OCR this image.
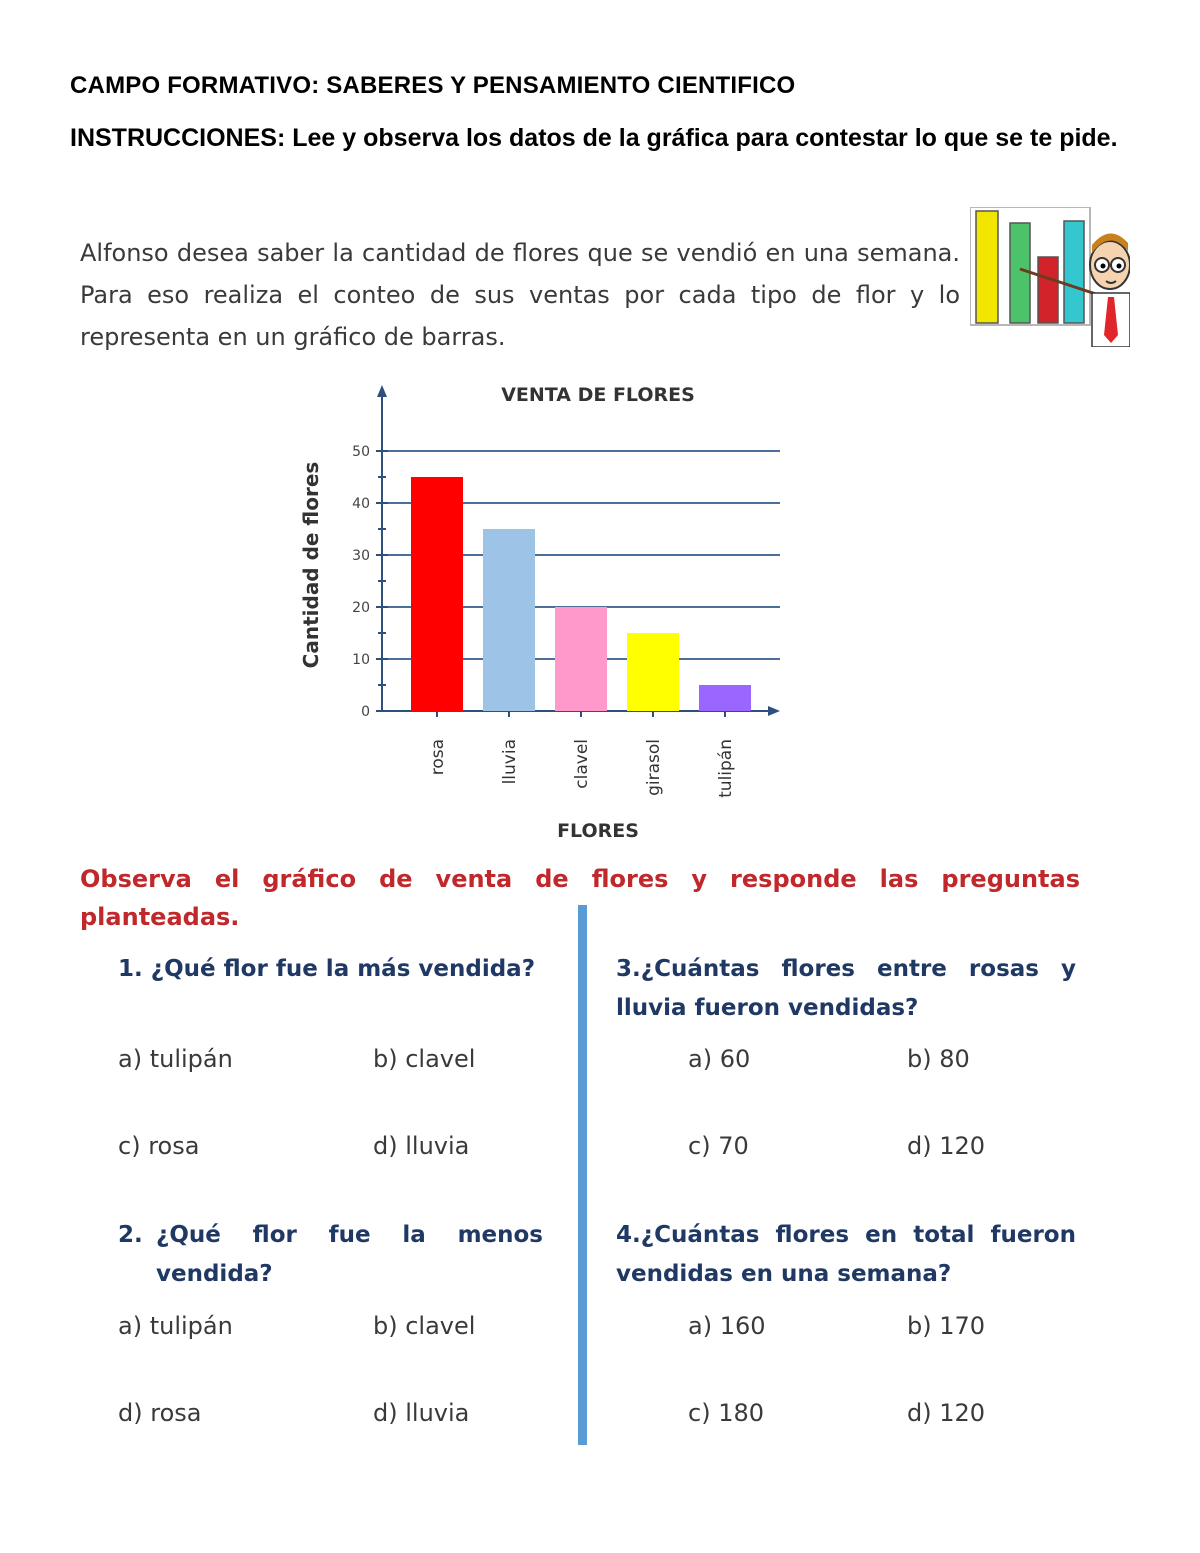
CAMPO FORMATIVO: SABERES Y PENSAMIENTO CIENTIFICO
INSTRUCCIONES: Lee y observa los datos de la gráfica para contestar lo que se te pide.
Alfonso desea saber la cantidad de flores que se vendió en una semana. Para eso realiza el conteo de sus ventas por cada tipo de flor y lo representa en un gráfico de barras.
VENTA DE FLORES
Cantidad de flores
FLORES
0
10
20
30
40
50
rosa	lluvia	clavel	girasol	tulipán
Observa el gráfico de venta de flores y responde las preguntas planteadas.
1. ¿Qué flor fue la más vendida?
a) tulipán	b) clavel
c) rosa	d) lluvia
2. ¿Qué flor fue la menos
vendida?
a) tulipán	b) clavel
d) rosa	d) lluvia
3.¿Cuántas flores entre rosas y lluvia fueron vendidas?
a) 60	b) 80
c) 70	d) 120
4.¿Cuántas flores en total fueron vendidas en una semana?
a) 160	b) 170
c) 180	d) 120
